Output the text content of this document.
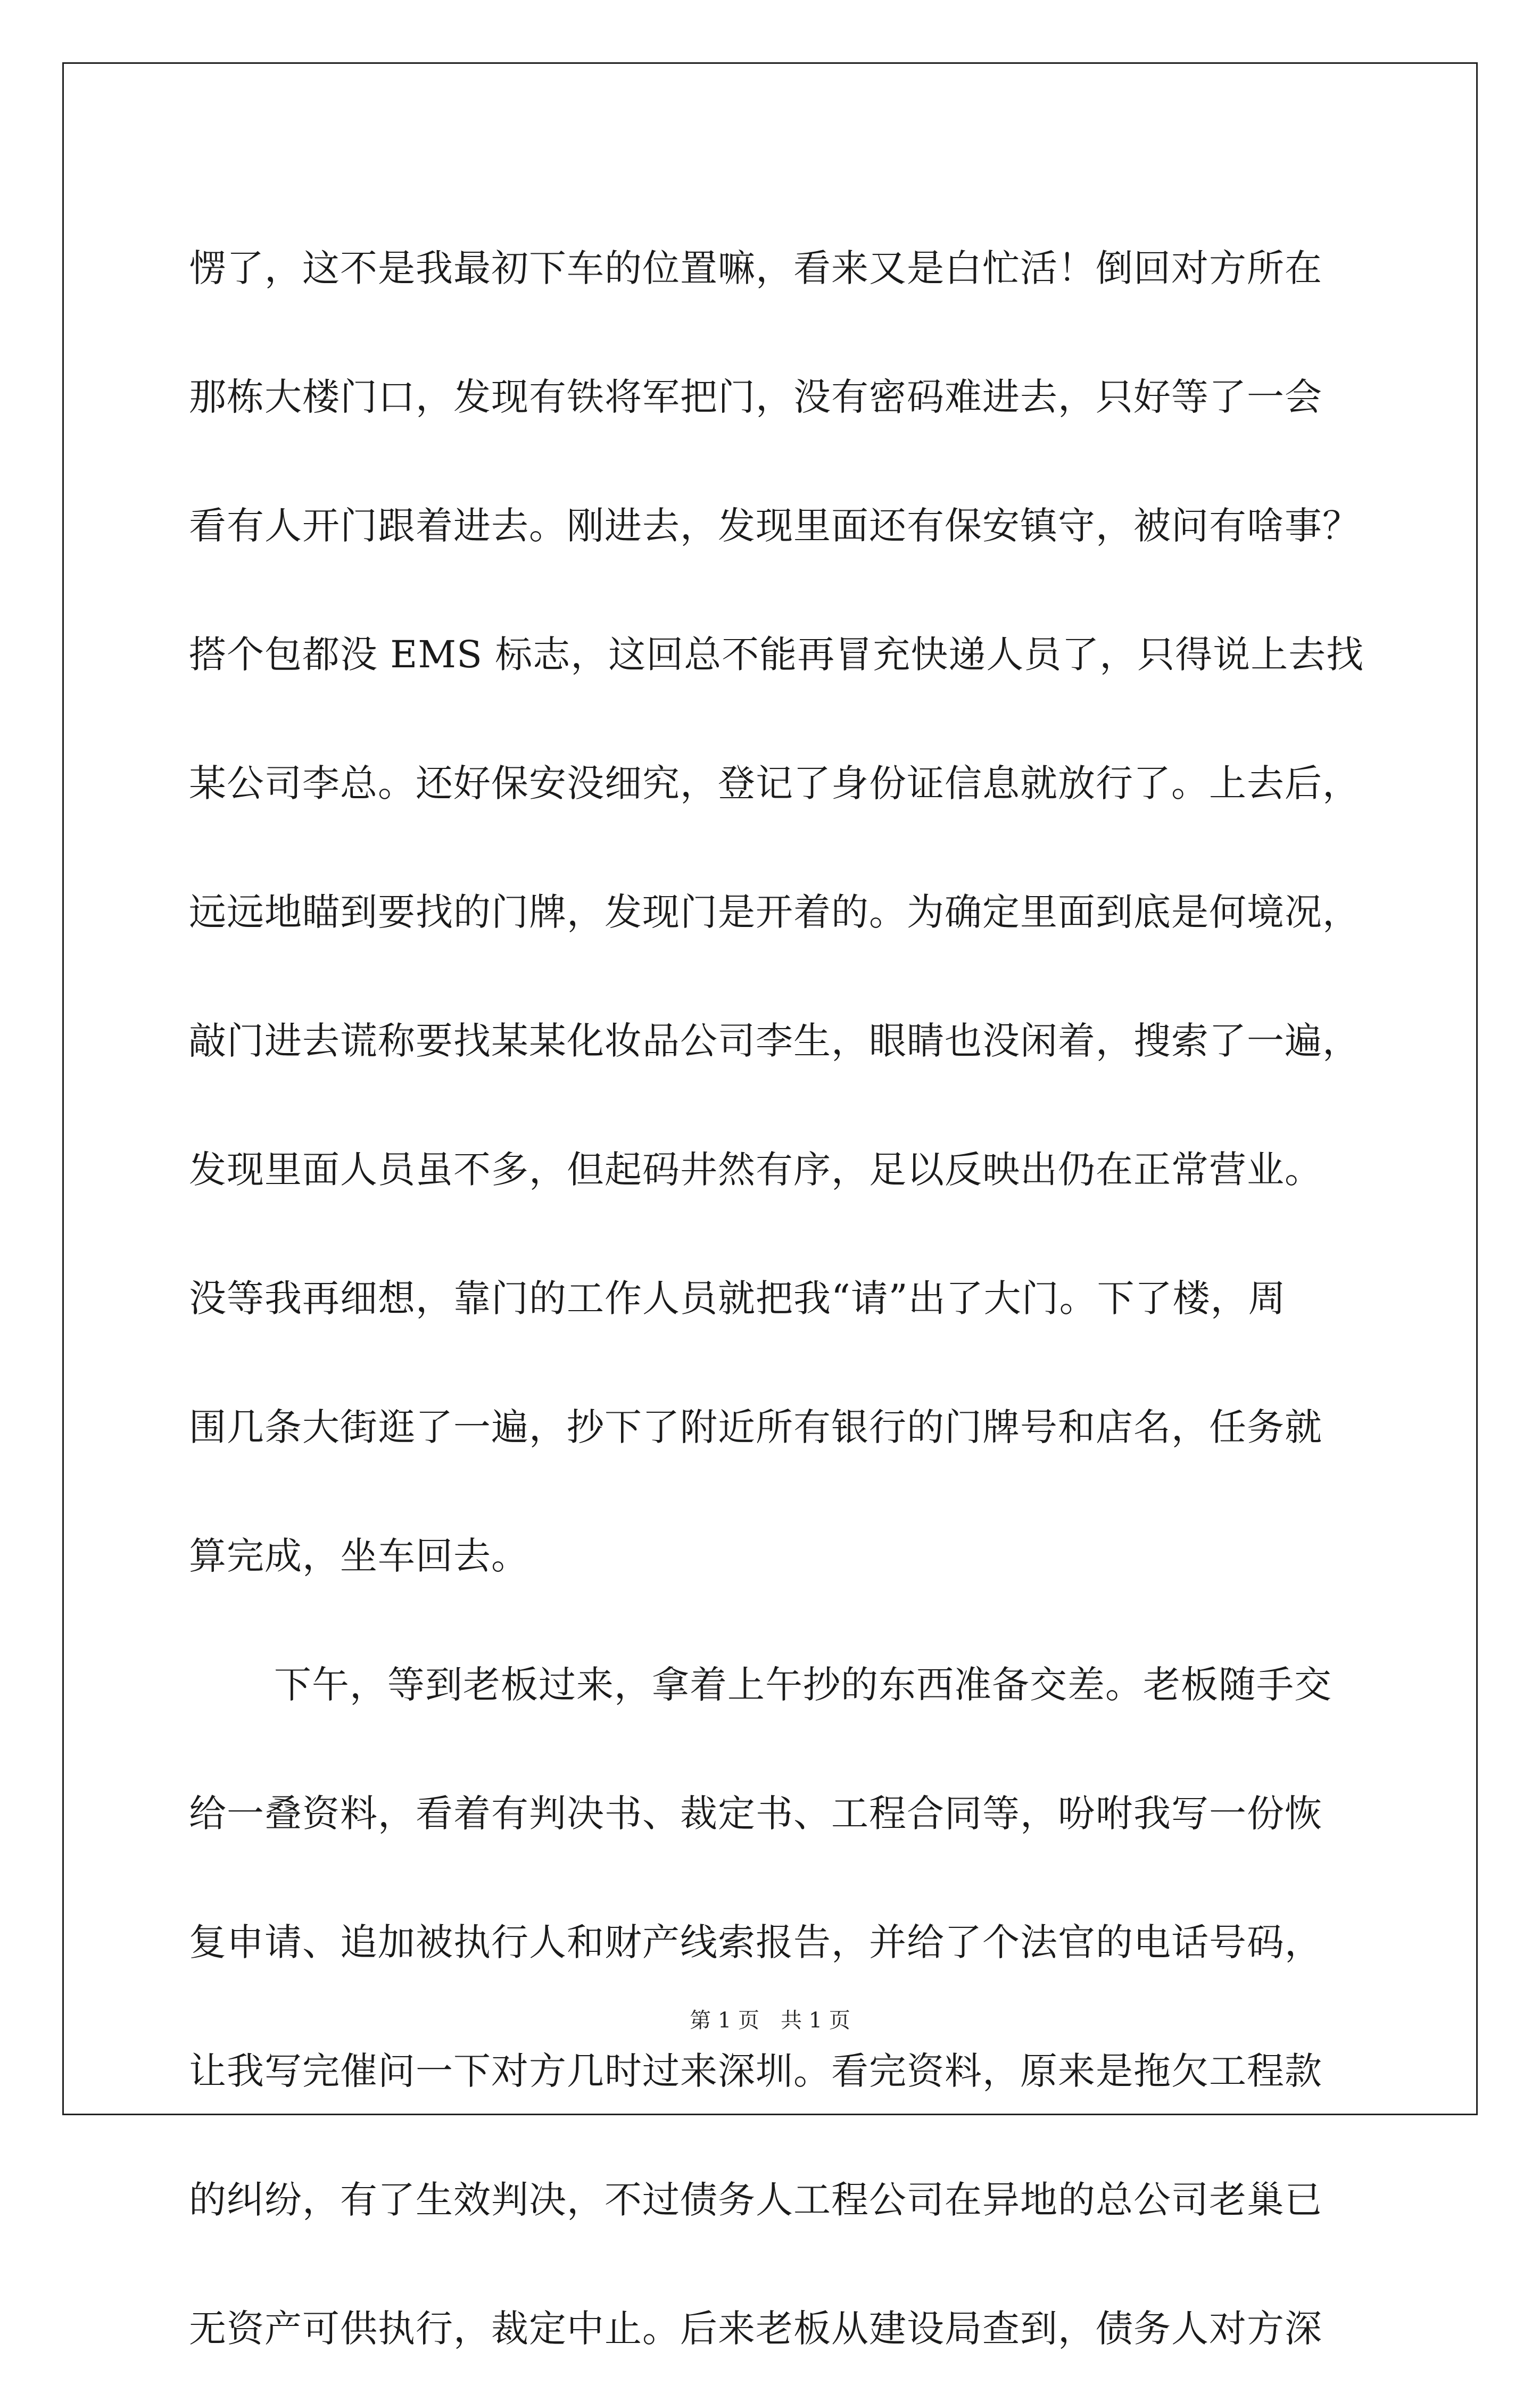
愣了，这不是我最初下车的位置嘛，看来又是白忙活！倒回对方所在
那栋大楼门口，发现有铁将军把门，没有密码难进去，只好等了一会
看有人开门跟着进去。刚进去，发现里面还有保安镇守，被问有啥事？
搭个包都没 EMS 标志，这回总不能再冒充快递人员了，只得说上去找
某公司李总。还好保安没细究，登记了身份证信息就放行了。上去后，
远远地瞄到要找的门牌，发现门是开着的。为确定里面到底是何境况，
敲门进去谎称要找某某化妆品公司李生，眼睛也没闲着，搜索了一遍，
发现里面人员虽不多，但起码井然有序，足以反映出仍在正常营业。
没等我再细想，靠门的工作人员就把我“请”出了大门。下了楼，周
围几条大街逛了一遍，抄下了附近所有银行的门牌号和店名，任务就
算完成，坐车回去。
下午，等到老板过来，拿着上午抄的东西准备交差。老板随手交
给一叠资料，看着有判决书、裁定书、工程合同等，吩咐我写一份恢
复申请、追加被执行人和财产线索报告，并给了个法官的电话号码，
让我写完催问一下对方几时过来深圳。看完资料，原来是拖欠工程款
的纠纷，有了生效判决，不过债务人工程公司在异地的总公司老巢已
无资产可供执行，裁定中止。后来老板从建设局查到，债务人对方深
第 1 页 共 1 页
